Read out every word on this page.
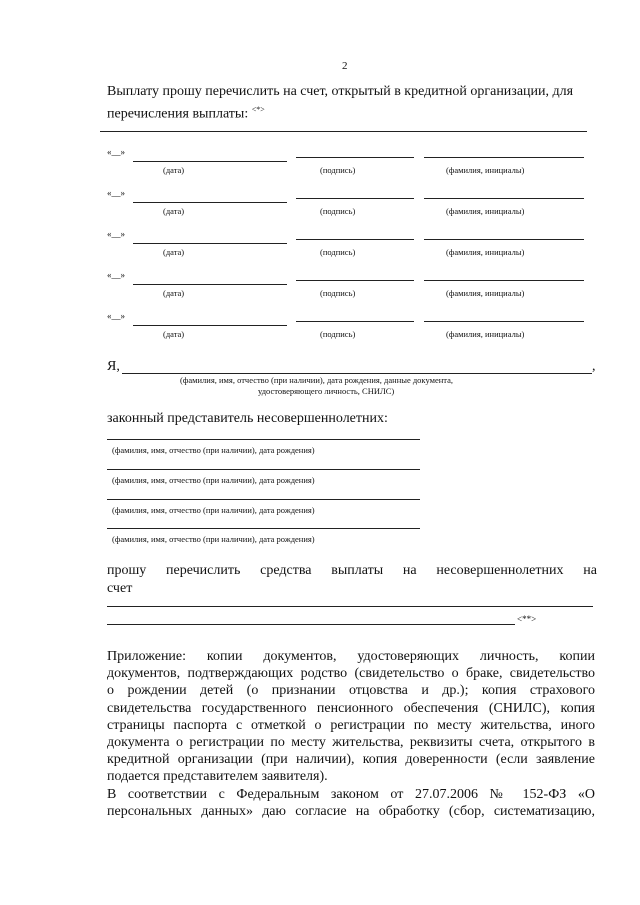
2
Выплату прошу перечислить на счет, открытый в кредитной организации, для
перечисления выплаты: <*>
«__»
(дата)	(подпись)	(фамилия, инициалы)
«__»
(дата)	(подпись)	(фамилия, инициалы)
«__»
(дата)	(подпись)	(фамилия, инициалы)
«__»
(дата)	(подпись)	(фамилия, инициалы)
«__»
(дата)	(подпись)	(фамилия, инициалы)
Я,	,
(фамилия, имя, отчество (при наличии), дата рождения, данные документа,
удостоверяющего личность, СНИЛС)
законный представитель несовершеннолетних:
(фамилия, имя, отчество (при наличии), дата рождения)
(фамилия, имя, отчество (при наличии), дата рождения)
(фамилия, имя, отчество (при наличии), дата рождения)
(фамилия, имя, отчество (при наличии), дата рождения)
прошу перечислить средства выплаты на несовершеннолетних на
счет
<**>
Приложение: копии документов, удостоверяющих личность, копии
документов, подтверждающих родство (свидетельство о браке, свидетельство
о рождении детей (о признании отцовства и др.); копия страхового
свидетельства государственного пенсионного обеспечения (СНИЛС), копия
страницы паспорта с отметкой о регистрации по месту жительства, иного
документа о регистрации по месту жительства, реквизиты счета, открытого в
кредитной организации (при наличии), копия доверенности (если заявление
подается представителем заявителя).
В соответствии с Федеральным законом от 27.07.2006 № 152-ФЗ «О
персональных данных» даю согласие на обработку (сбор, систематизацию,
